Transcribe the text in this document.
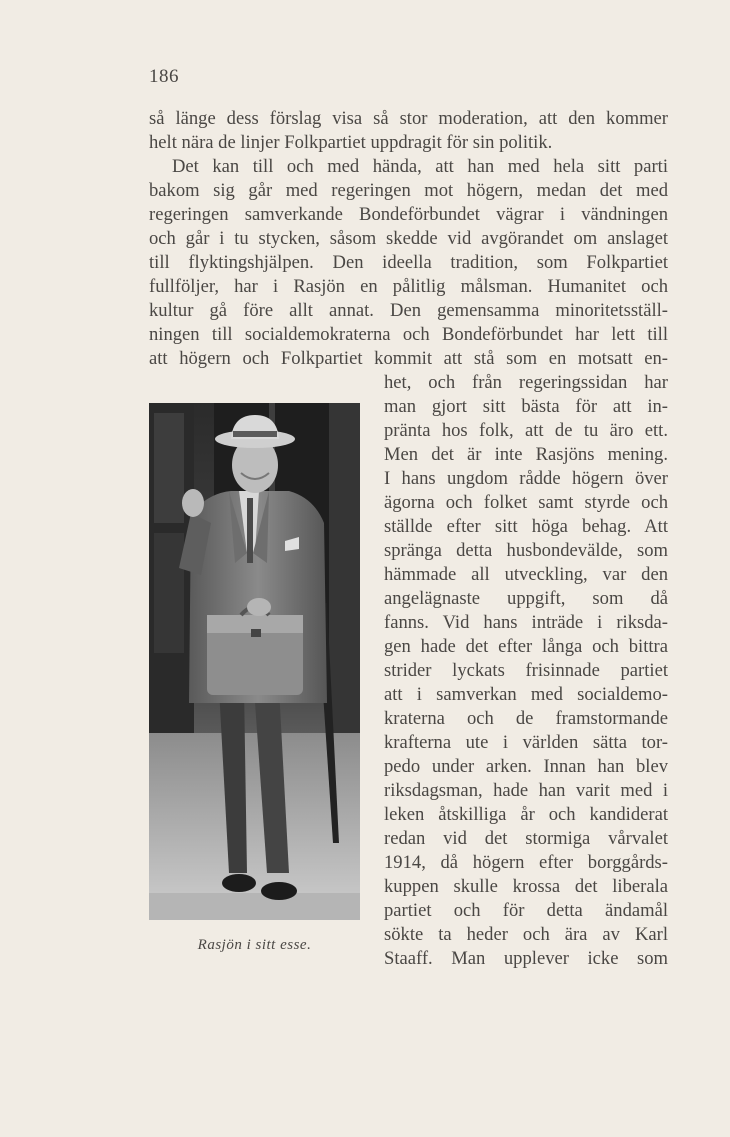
186
så länge dess förslag visa så stor moderation, att den kommer
helt nära de linjer Folkpartiet uppdragit för sin politik.
Det kan till och med hända, att han med hela sitt parti
bakom sig går med regeringen mot högern, medan det med
regeringen samverkande Bondeförbundet vägrar i vändningen
och går i tu stycken, såsom skedde vid avgörandet om anslaget
till flyktingshjälpen. Den ideella tradition, som Folkpartiet
fullföljer, har i Rasjön en pålitlig målsman. Humanitet och
kultur gå före allt annat. Den gemensamma minoritetsställ-
ningen till socialdemokraterna och Bondeförbundet har lett till
att högern och Folkpartiet kommit att stå som en motsatt en-
het, och från regeringssidan har
man gjort sitt bästa för att in-
pränta hos folk, att de tu äro ett.
Men det är inte Rasjöns mening.
I hans ungdom rådde högern över
ägorna och folket samt styrde och
ställde efter sitt höga behag. Att
spränga detta husbondevälde, som
hämmade all utveckling, var den
angelägnaste uppgift, som då
fanns. Vid hans inträde i riksda-
gen hade det efter långa och bittra
strider lyckats frisinnade partiet
att i samverkan med socialdemo-
kraterna och de framstormande
krafterna ute i världen sätta tor-
pedo under arken. Innan han blev
riksdagsman, hade han varit med i
leken åtskilliga år och kandiderat
redan vid det stormiga vårvalet
1914, då högern efter borggårds-
kuppen skulle krossa det liberala
partiet och för detta ändamål
sökte ta heder och ära av Karl
Staaff. Man upplever icke som
Rasjön i sitt esse.
